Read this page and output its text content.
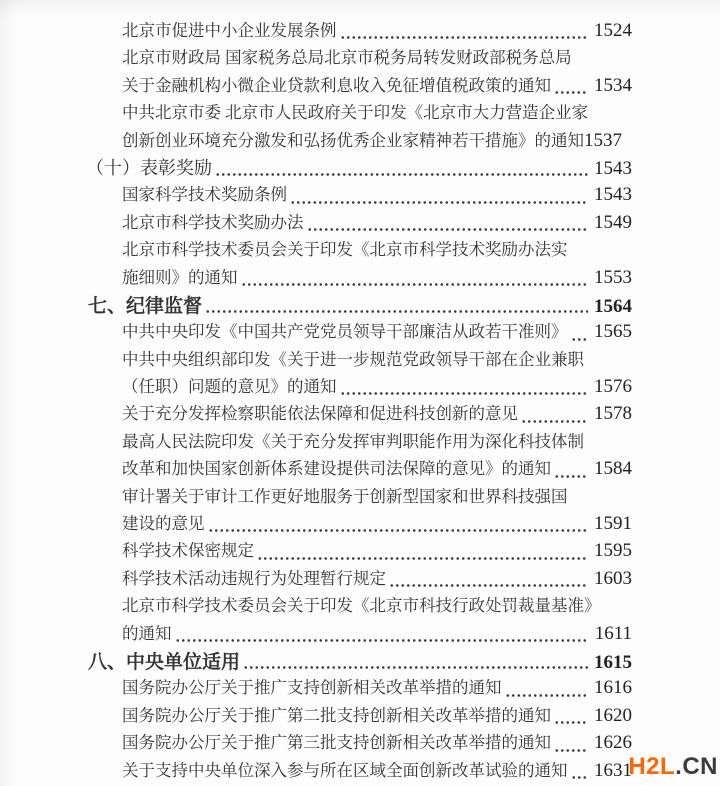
北京市促进中小企业发展条例	1524
北京市财政局 国家税务总局北京市税务局转发财政部税务总局
关于金融机构小微企业贷款利息收入免征增值税政策的通知 1534
中共北京市委 北京市人民政府关于印发《北京市大力营造企业家
创新创业环境充分激发和弘扬优秀企业家精神若干措施》的通知 1537
（十）表彰奖励	1543
国家科学技术奖励条例	1543
北京市科学技术奖励办法	1549
北京市科学技术委员会关于印发《北京市科学技术奖励办法实
施细则》的通知	1553
七、纪律监督	1564
中共中央印发《中国共产党党员领导干部廉洁从政若干准则》 1565
中共中央组织部印发《关于进一步规范党政领导干部在企业兼职
（任职）问题的意见》的通知	1576
关于充分发挥检察职能依法保障和促进科技创新的意见	1578
最高人民法院印发《关于充分发挥审判职能作用为深化科技体制
改革和加快国家创新体系建设提供司法保障的意见》的通知 1584
审计署关于审计工作更好地服务于创新型国家和世界科技强国
建设的意见	1591
科学技术保密规定	1595
科学技术活动违规行为处理暂行规定	1603
北京市科学技术委员会关于印发《北京市科技行政处罚裁量基准》
的通知	1611
八、中央单位适用	1615
国务院办公厅关于推广支持创新相关改革举措的通知	1616
国务院办公厅关于推广第二批支持创新相关改革举措的通知 1620
国务院办公厅关于推广第三批支持创新相关改革举措的通知 1626
关于支持中央单位深入参与所在区域全面创新改革试验的通知 1631
H2L.CN
